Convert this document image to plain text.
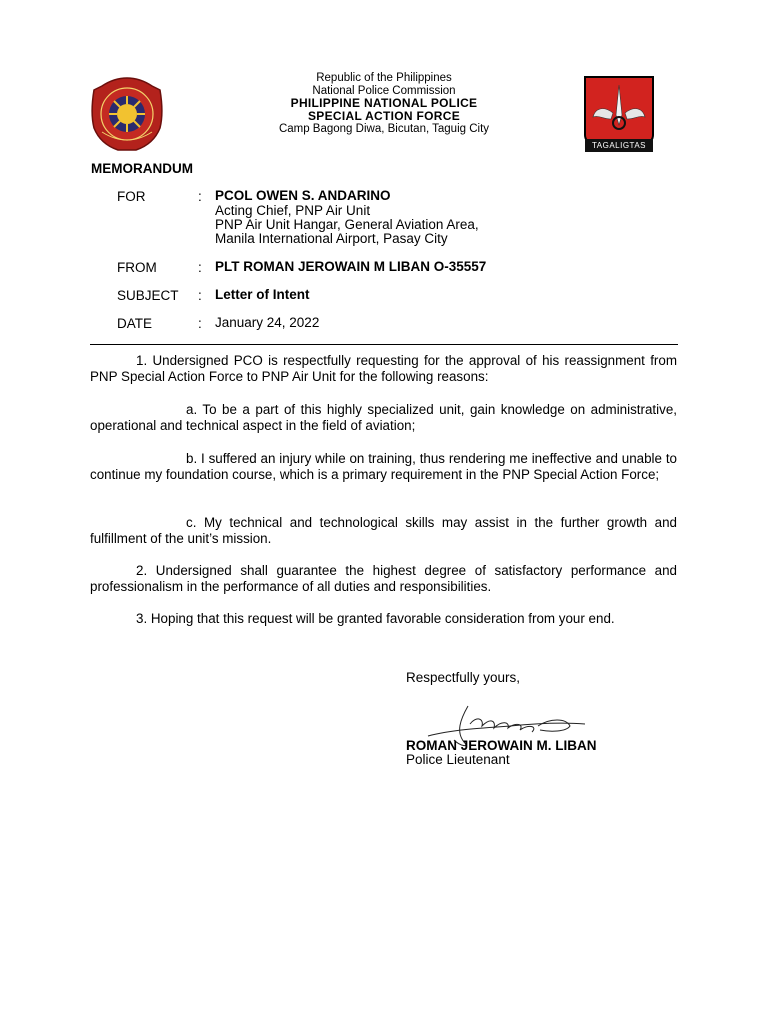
Republic of the Philippines
National Police Commission
PHILIPPINE NATIONAL POLICE
SPECIAL ACTION FORCE
Camp Bagong Diwa, Bicutan, Taguig City
TAGALIGTAS
MEMORANDUM
FOR	: PCOL OWEN S. ANDARINO
Acting Chief, PNP Air Unit
PNP Air Unit Hangar, General Aviation Area,
Manila International Airport, Pasay City
FROM	: PLT ROMAN JEROWAIN M LIBAN O-35557
SUBJECT : Letter of Intent
DATE	: January 24, 2022
1. Undersigned PCO is respectfully requesting for the approval of his reassignment from PNP Special Action Force to PNP Air Unit for the following reasons:
a. To be a part of this highly specialized unit, gain knowledge on administrative, operational and technical aspect in the field of aviation;
b. I suffered an injury while on training, thus rendering me ineffective and unable to continue my foundation course, which is a primary requirement in the PNP Special Action Force;
c. My technical and technological skills may assist in the further growth and fulfillment of the unit’s mission.
2. Undersigned shall guarantee the highest degree of satisfactory performance and professionalism in the performance of all duties and responsibilities.
3. Hoping that this request will be granted favorable consideration from your end.
Respectfully yours,
ROMAN JEROWAIN M. LIBAN
Police Lieutenant
